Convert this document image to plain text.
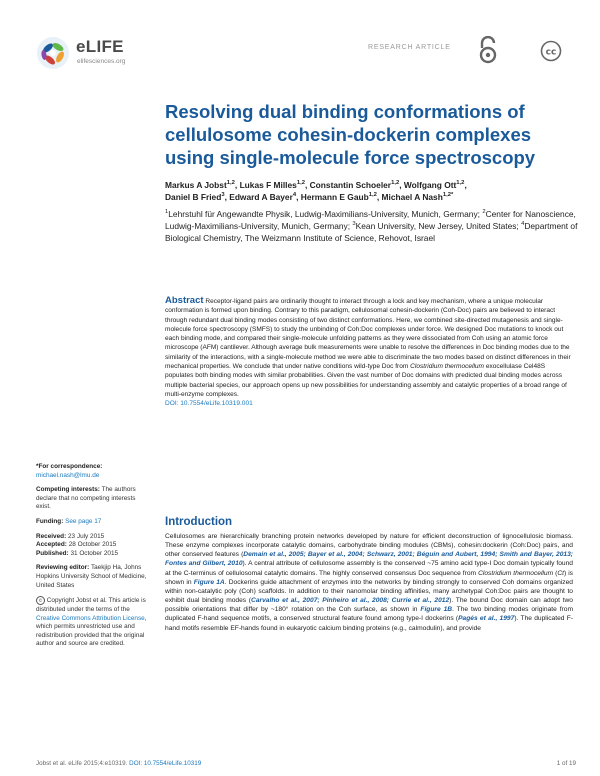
eLIFE
elifesciences.org
RESEARCH ARTICLE	cc
Resolving dual binding conformations of cellulosome cohesin-dockerin complexes using single-molecule force spectroscopy
Markus A Jobst$^{1,2}$, Lukas F Milles$^{1,2}$, Constantin Schoeler$^{1,2}$, Wolfgang Ott$^{1,2}$,
Daniel B Fried$^3$, Edward A Bayer$^4$, Hermann E Gaub$^{1,2}$, Michael A Nash$^{1,2*}$
$^1$Lehrstuhl für Angewandte Physik, Ludwig-Maximilians-University, Munich, Germany; $^2$Center for Nanoscience, Ludwig-Maximilians-University, Munich, Germany; $^3$Kean University, New Jersey, United States; $^4$Department of Biological Chemistry, The Weizmann Institute of Science, Rehovot, Israel
Abstract Receptor-ligand pairs are ordinarily thought to interact through a lock and key mechanism, where a unique molecular conformation is formed upon binding. Contrary to this paradigm, cellulosomal cohesin-dockerin (Coh-Doc) pairs are believed to interact through redundant dual binding modes consisting of two distinct conformations. Here, we combined site-directed mutagenesis and single-molecule force spectroscopy (SMFS) to study the unbinding of Coh:Doc complexes under force. We designed Doc mutations to knock out each binding mode, and compared their single-molecule unfolding patterns as they were dissociated from Coh using an atomic force microscope (AFM) cantilever. Although average bulk measurements were unable to resolve the differences in Doc binding modes due to the similarity of the interactions, with a single-molecule method we were able to discriminate the two modes based on distinct differences in their mechanical properties. We conclude that under native conditions wild-type Doc from Clostridium thermocellum exocellulase Cel48S populates both binding modes with similar probabilities. Given the vast number of Doc domains with predicted dual binding modes across multiple bacterial species, our approach opens up new possibilities for understanding assembly and catalytic properties of a broad range of multi-enzyme complexes.
DOI: 10.7554/eLife.10319.001
*For correspondence: michael.nash@lmu.de
Competing interests: The authors declare that no competing interests exist.
Funding: See page 17
Received: 23 July 2015
Accepted: 28 October 2015
Published: 31 October 2015
Reviewing editor: Taekjip Ha, Johns Hopkins University School of Medicine, United States
© Copyright Jobst et al. This article is distributed under the terms of the Creative Commons Attribution License, which permits unrestricted use and redistribution provided that the original author and source are credited.
Introduction
Cellulosomes are hierarchically branching protein networks developed by nature for efficient deconstruction of lignocellulosic biomass. These enzyme complexes incorporate catalytic domains, carbohydrate binding modules (CBMs), cohesin:dockerin (Coh:Doc) pairs, and other conserved features (Demain et al., 2005; Bayer et al., 2004; Schwarz, 2001; Béguin and Aubert, 1994; Smith and Bayer, 2013; Fontes and Gilbert, 2010). A central attribute of cellulosome assembly is the conserved ~75 amino acid type-I Doc domain typically found at the C-terminus of cellulosomal catalytic domains. The highly conserved consensus Doc sequence from Clostridium thermocellum (Ct) is shown in Figure 1A. Dockerins guide attachment of enzymes into the networks by binding strongly to conserved Coh domains organized within non-catalytic poly (Coh) scaffolds. In addition to their nanomolar binding affinities, many archetypal Coh:Doc pairs are thought to exhibit dual binding modes (Carvalho et al., 2007; Pinheiro et al., 2008; Currie et al., 2012). The bound Doc domain can adopt two possible orientations that differ by ~180° rotation on the Coh surface, as shown in Figure 1B. The two binding modes originate from duplicated F-hand sequence motifs, a conserved structural feature found among type-I dockerins (Pagés et al., 1997). The duplicated F-hand motifs resemble EF-hands found in eukaryotic calcium binding proteins (e.g., calmodulin), and provide
Jobst et al. eLife 2015;4:e10319. DOI: 10.7554/eLife.10319	1 of 19
